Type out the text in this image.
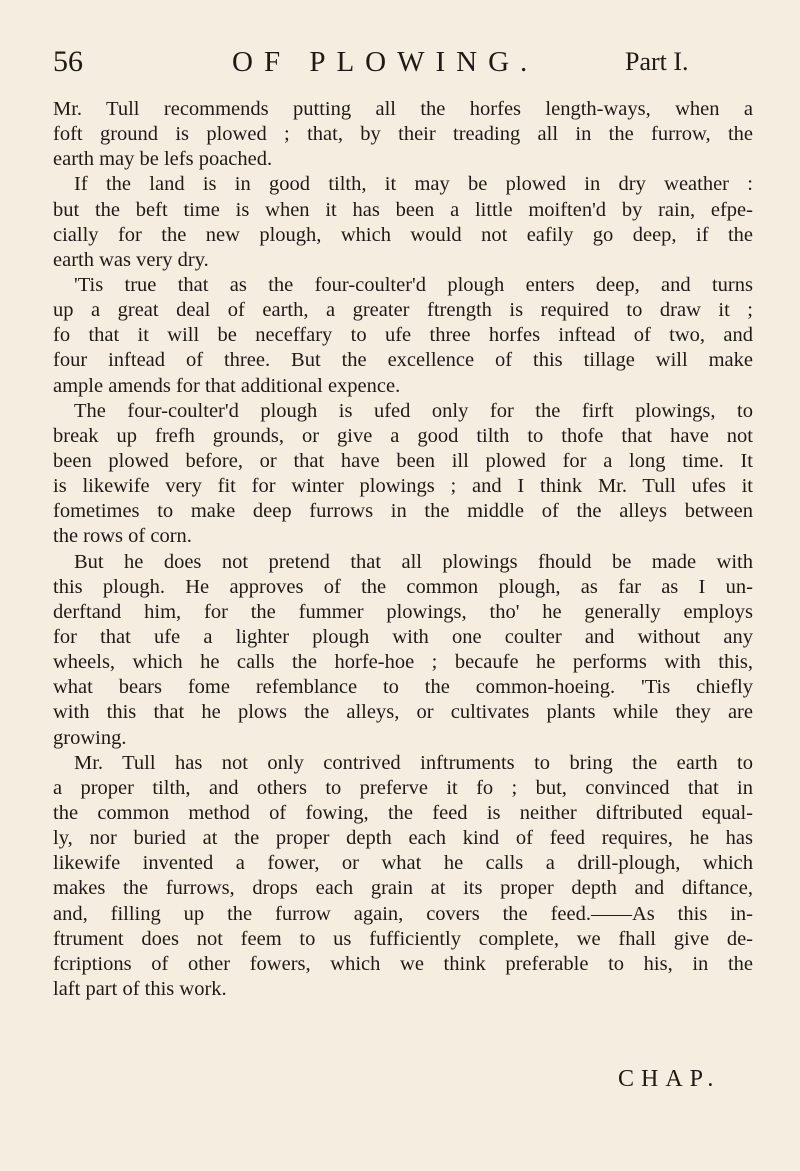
56	OF PLOWING.	Part I.
Mr. Tull recommends putting all the horfes length-ways, when a
foft ground is plowed ; that, by their treading all in the furrow, the
earth may be lefs poached.
If the land is in good tilth, it may be plowed in dry weather :
but the beft time is when it has been a little moiften'd by rain, efpe-
cially for the new plough, which would not eafily go deep, if the
earth was very dry.
'Tis true that as the four-coulter'd plough enters deep, and turns
up a great deal of earth, a greater ftrength is required to draw it ;
fo that it will be neceffary to ufe three horfes inftead of two, and
four inftead of three. But the excellence of this tillage will make
ample amends for that additional expence.
The four-coulter'd plough is ufed only for the firft plowings, to
break up frefh grounds, or give a good tilth to thofe that have not
been plowed before, or that have been ill plowed for a long time. It
is likewife very fit for winter plowings ; and I think Mr. Tull ufes it
fometimes to make deep furrows in the middle of the alleys between
the rows of corn.
But he does not pretend that all plowings fhould be made with
this plough. He approves of the common plough, as far as I un-
derftand him, for the fummer plowings, tho' he generally employs
for that ufe a lighter plough with one coulter and without any
wheels, which he calls the horfe-hoe ; becaufe he performs with this,
what bears fome refemblance to the common-hoeing. 'Tis chiefly
with this that he plows the alleys, or cultivates plants while they are
growing.
Mr. Tull has not only contrived inftruments to bring the earth to
a proper tilth, and others to preferve it fo ; but, convinced that in
the common method of fowing, the feed is neither diftributed equal-
ly, nor buried at the proper depth each kind of feed requires, he has
likewife invented a fower, or what he calls a drill-plough, which
makes the furrows, drops each grain at its proper depth and diftance,
and, filling up the furrow again, covers the feed.——As this in-
ftrument does not feem to us fufficiently complete, we fhall give de-
fcriptions of other fowers, which we think preferable to his, in the
laft part of this work.
CHAP.
